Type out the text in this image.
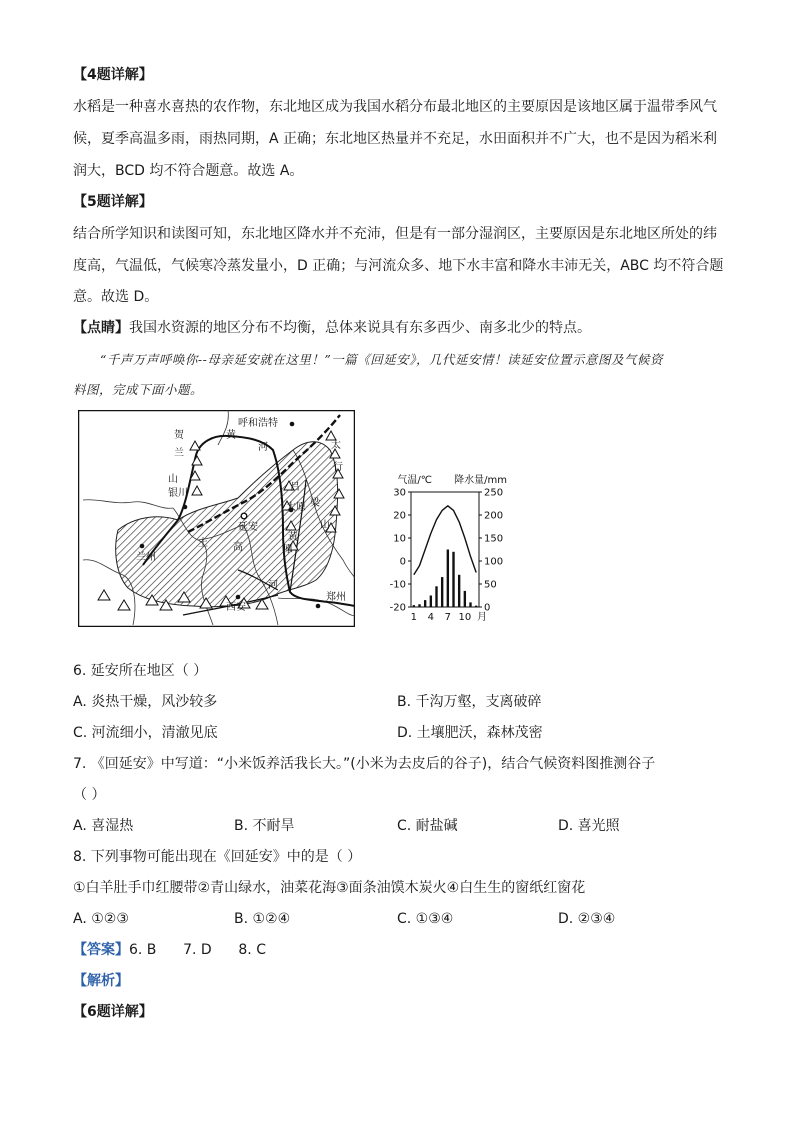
【4题详解】
水稻是一种喜水喜热的农作物，东北地区成为我国水稻分布最北地区的主要原因是该地区属于温带季风气
候，夏季高温多雨，雨热同期，A 正确；东北地区热量并不充足，水田面积并不广大，也不是因为稻米利
润大，BCD 均不符合题意。故选 A。
【5题详解】
结合所学知识和读图可知，东北地区降水并不充沛，但是有一部分湿润区，主要原因是东北地区所处的纬
度高，气温低，气候寒冷蒸发量小，D 正确；与河流众多、地下水丰富和降水丰沛无关，ABC 均不符合题
意。故选 D。
【点睛】我国水资源的地区分布不均衡，总体来说具有东多西少、南多北少的特点。
“千声万声呼唤你--母亲延安就在这里！”一篇《回延安》，几代延安情！读延安位置示意图及气候资
料图，完成下面小题。
呼和浩特
贺
兰
山
银川
黄
河	太
行
吕
梁
山
延安
太原
黄
土	高	原
兰州
西安
郑州
河
气温/℃ 降水量/mm
30
20
10
0
-10
-20
250
200
150
100
50
0
1 4 7 10 月
6. 延安所在地区（ ）
A. 炎热干燥，风沙较多	B. 千沟万壑，支离破碎
C. 河流细小，清澈见底	D. 土壤肥沃，森林茂密
7. 《回延安》中写道：“小米饭养活我长大。”(小米为去皮后的谷子)，结合气候资料图推测谷子
（ ）
A. 喜湿热	B. 不耐旱	C. 耐盐碱	D. 喜光照
8. 下列事物可能出现在《回延安》中的是（ ）
①白羊肚手巾红腰带②青山绿水，油菜花海③面条油馍木炭火④白生生的窗纸红窗花
A. ①②③	B. ①②④	C. ①③④	D. ②③④
【答案】6. B      7. D      8. C
【解析】
【6题详解】
